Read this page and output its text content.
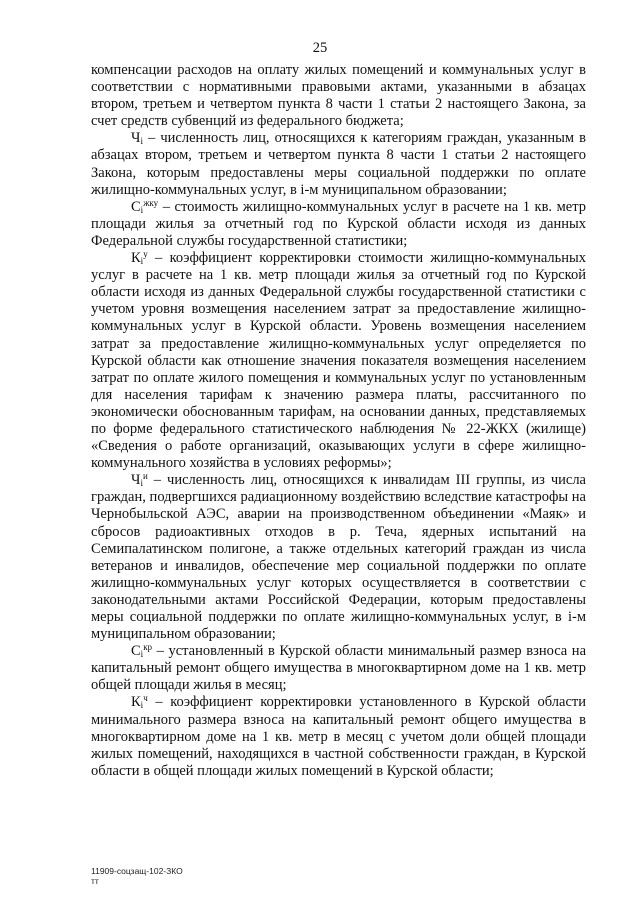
25

компенсации расходов на оплату жилых помещений и коммунальных услуг в соответствии с нормативными правовыми актами, указанными в абзацах втором, третьем и четвертом пункта 8 части 1 статьи 2 настоящего Закона, за счет средств субвенций из федерального бюджета;

$Ч_i$ – численность лиц, относящихся к категориям граждан, указанным в абзацах втором, третьем и четвертом пункта 8 части 1 статьи 2 настоящего Закона, которым предоставлены меры социальной поддержки по оплате жилищно-коммунальных услуг, в i-м муниципальном образовании;

$С_i^{жку}$ – стоимость жилищно-коммунальных услуг в расчете на 1 кв. метр площади жилья за отчетный год по Курской области исходя из данных Федеральной службы государственной статистики;

$К_i^у$ – коэффициент корректировки стоимости жилищно-коммунальных услуг в расчете на 1 кв. метр площади жилья за отчетный год по Курской области исходя из данных Федеральной службы государственной статистики с учетом уровня возмещения населением затрат за предоставление жилищно-коммунальных услуг в Курской области. Уровень возмещения населением затрат за предоставление жилищно-коммунальных услуг определяется по Курской области как отношение значения показателя возмещения населением затрат по оплате жилого помещения и коммунальных услуг по установленным для населения тарифам к значению размера платы, рассчитанного по экономически обоснованным тарифам, на основании данных, представляемых по форме федерального статистического наблюдения № 22-ЖКХ (жилище) «Сведения о работе организаций, оказывающих услуги в сфере жилищно-коммунального хозяйства в условиях реформы»;

$Ч_i^и$ – численность лиц, относящихся к инвалидам III группы, из числа граждан, подвергшихся радиационному воздействию вследствие катастрофы на Чернобыльской АЭС, аварии на производственном объединении «Маяк» и сбросов радиоактивных отходов в р. Теча, ядерных испытаний на Семипалатинском полигоне, а также отдельных категорий граждан из числа ветеранов и инвалидов, обеспечение мер социальной поддержки по оплате жилищно-коммунальных услуг которых осуществляется в соответствии с законодательными актами Российской Федерации, которым предоставлены меры социальной поддержки по оплате жилищно-коммунальных услуг, в i-м муниципальном образовании;

$С_i^{кр}$ – установленный в Курской области минимальный размер взноса на капитальный ремонт общего имущества в многоквартирном доме на 1 кв. метр общей площади жилья в месяц;

$К_i^ч$ – коэффициент корректировки установленного в Курской области минимального размера взноса на капитальный ремонт общего имущества в многоквартирном доме на 1 кв. метр в месяц с учетом доли общей площади жилых помещений, находящихся в частной собственности граждан, в Курской области в общей площади жилых помещений в Курской области;

11909-соцзащ-102-ЗКО
тт
